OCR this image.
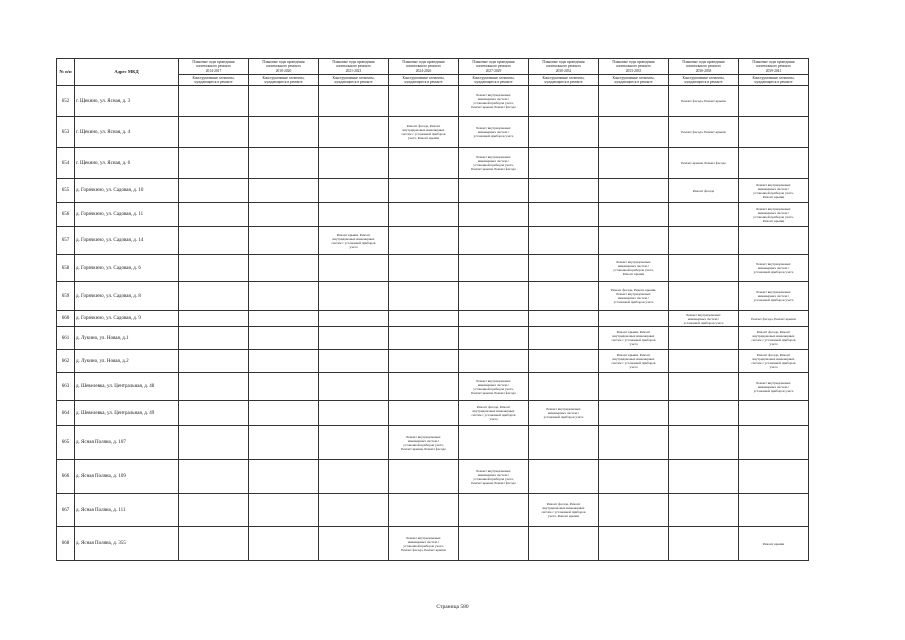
№ п/п	Адрес МКД	Плановые годы проведения
капитального ремонта
2014-2017	Плановые годы проведения
капитального ремонта
2018-2020	Плановые годы проведения
капитального ремонта
2021-2023	Плановые годы проведения
капитального ремонта
2024-2026	Плановые годы проведения
капитального ремонта
2027-2029	Плановые годы проведения
капитального ремонта
2030-2032	Плановые годы проведения
капитального ремонта
2033-2035	Плановые годы проведения
капитального ремонта
2036-2038	Плановые годы проведения
капитального ремонта
2039-2041
		Конструктивные элементы,
нуждающиеся в ремонте	Конструктивные элементы,
нуждающиеся в ремонте	Конструктивные элементы,
нуждающиеся в ремонте	Конструктивные элементы,
нуждающиеся в ремонте	Конструктивные элементы,
нуждающиеся в ремонте	Конструктивные элементы,
нуждающиеся в ремонте	Конструктивные элементы,
нуждающиеся в ремонте	Конструктивные элементы,
нуждающиеся в ремонте	Конструктивные элементы,
нуждающиеся в ремонте
652	г. Щекино, ул. Ясная, д. 3					Ремонт внутридомовых
инженерных систем с
установкой приборов учета,
Ремонт крыши, Ремонт фасада			Ремонт фасада, Ремонт крыши	
653	г. Щекино, ул. Ясная, д. 4				Ремонт фасада, Ремонт
внутридомовых инженерных
систем с установкой приборов
учета, Ремонт крыши	Ремонт внутридомовых
инженерных систем с
установкой приборов учета			Ремонт фасада, Ремонт крыши	
654	г. Щекино, ул. Ясная, д. 6					Ремонт внутридомовых
инженерных систем с
установкой приборов учета,
Ремонт крыши, Ремонт фасада			Ремонт крыши, Ремонт фасада	
655	д. Горячкино, ул. Садовая, д. 10								Ремонт фасада	Ремонт внутридомовых
инженерных систем с
установкой приборов учета,
Ремонт крыши
656	д. Горячкино, ул. Садовая, д. 11									Ремонт внутридомовых
инженерных систем с
установкой приборов учета,
Ремонт крыши
657	д. Горячкино, ул. Садовая, д. 14			Ремонт крыши, Ремонт
внутридомовых инженерных
систем с установкой приборов
учета						
658	д. Горячкино, ул. Садовая, д. 6							Ремонт внутридомовых
инженерных систем с
установкой приборов учета,
Ремонт крыши		Ремонт внутридомовых
инженерных систем с
установкой приборов учета
659	д. Горячкино, ул. Садовая, д. 8							Ремонт фасада, Ремонт крыши,
Ремонт внутридомовых
инженерных систем с
установкой приборов учета		Ремонт внутридомовых
инженерных систем с
установкой приборов учета
660	д. Горячкино, ул. Садовая, д. 9								Ремонт внутридомовых
инженерных систем с
установкой приборов учета	Ремонт фасада, Ремонт крыши
661	д. Лукино, ул. Новая, д.1							Ремонт крыши, Ремонт
внутридомовых инженерных
систем с установкой приборов
учета		Ремонт фасада, Ремонт
внутридомовых инженерных
систем с установкой приборов
учета
662	д. Лукино, ул. Новая, д.2							Ремонт крыши, Ремонт
внутридомовых инженерных
систем с установкой приборов
учета		Ремонт фасада, Ремонт
внутридомовых инженерных
систем с установкой приборов
учета
663	д. Шевелевка, ул. Центральная, д. 48					Ремонт внутридомовых
инженерных систем с
установкой приборов учета,
Ремонт крыши, Ремонт фасада				Ремонт внутридомовых
инженерных систем с
установкой приборов учета
664	д. Шевелевка, ул. Центральная, д. 49					Ремонт фасада, Ремонт
внутридомовых инженерных
систем с установкой приборов
учета	Ремонт внутридомовых
инженерных систем с
установкой приборов учета			
665	д. Ясная Поляна, д. 107				Ремонт внутридомовых
инженерных систем с
установкой приборов учета,
Ремонт крыши, Ремонт фасада					
666	д. Ясная Поляна, д. 109					Ремонт внутридомовых
инженерных систем с
установкой приборов учета,
Ремонт крыши, Ремонт фасада				
667	д. Ясная Поляна, д. 111						Ремонт фасада, Ремонт
внутридомовых инженерных
систем с установкой приборов
учета, Ремонт крыши			
668	д. Ясная Поляна, д. 355				Ремонт внутридомовых
инженерных систем с
установкой приборов учета,
Ремонт фасада, Ремонт крыши					Ремонт крыши
Страница 580
